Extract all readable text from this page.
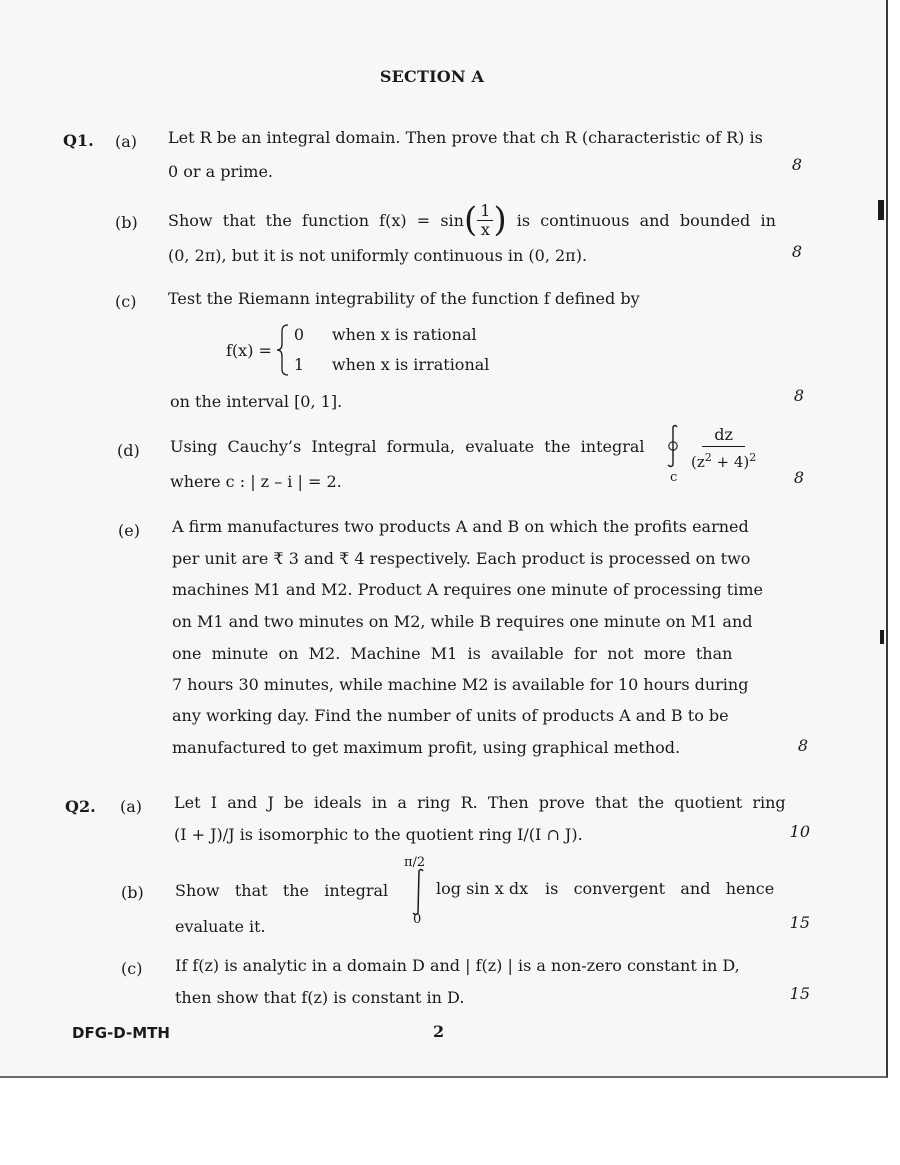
SECTION A
Q1. (a) Let R be an integral domain. Then prove that ch R (characteristic of R) is
0 or a prime.	8
(b) Show  that  the  function  f(x)  =  sin ( $\frac{1}{x}$ ) is  continuous  and  bounded  in
(0, 2π), but it is not uniformly continuous in (0, 2π).	8
(c) Test the Riemann integrability of the function f defined by
f(x) =
0	when x is rational
1	when x is irrational
on the interval [0, 1].	8
(d) Using  Cauchy’s  Integral  formula,  evaluate  the  integral	$\frac{dz}{(z^2 + 4)^2}$
c
where c : | z – i | = 2.	8
(e) A firm manufactures two products A and B on which the profits earned
per unit are ₹ 3 and ₹ 4 respectively. Each product is processed on two
machines M1 and M2. Product A requires one minute of processing time
on M1 and two minutes on M2, while B requires one minute on M1 and
one  minute  on  M2.  Machine  M1  is  available  for  not  more  than
7 hours 30 minutes, while machine M2 is available for 10 hours during
any working day. Find the number of units of products A and B to be
manufactured to get maximum profit, using graphical method.	8
Q2. (a) Let  I  and  J  be  ideals  in  a  ring  R.  Then  prove  that  the  quotient  ring
(I + J)/J is isomorphic to the quotient ring I/(I ∩ J).	10
(b) Show   that   the   integral
π/2
0
log sin x dx is   convergent   and   hence
evaluate it.	15
(c) If f(z) is analytic in a domain D and | f(z) | is a non-zero constant in D,
then show that f(z) is constant in D.	15
DFG-D-MTH	2
